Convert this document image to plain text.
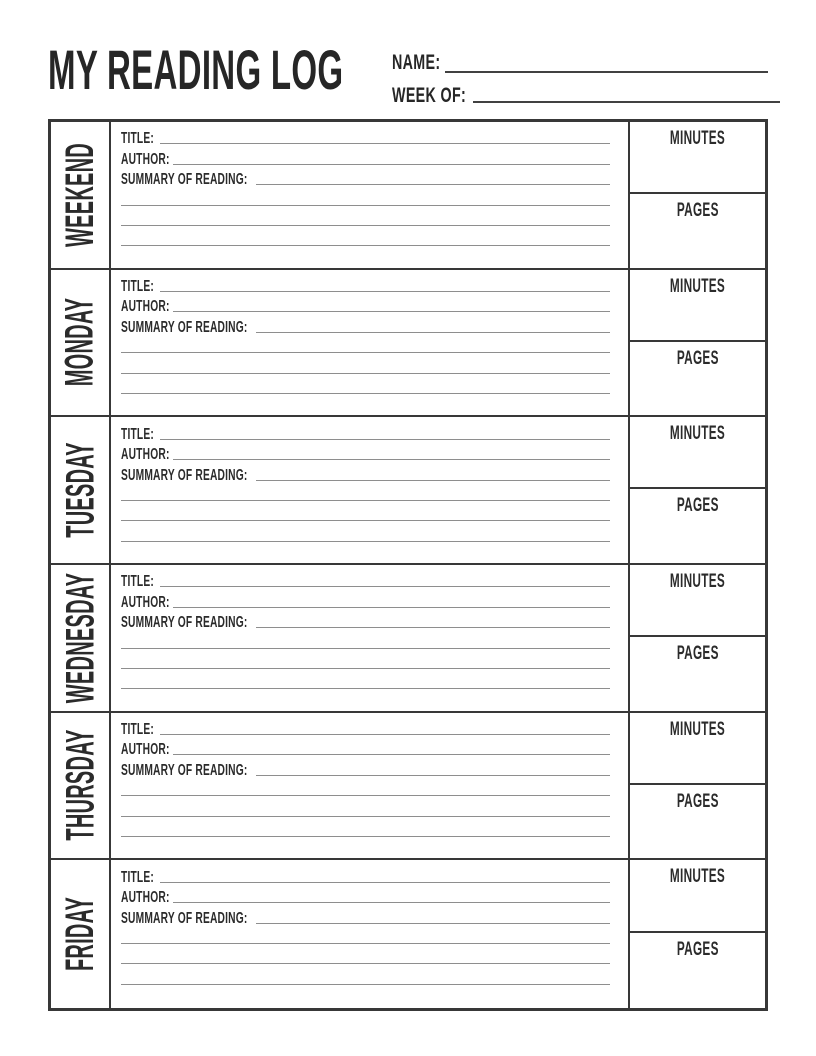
MY READING LOG NAME:
WEEK OF:
WEEKEND
TITLE:
AUTHOR:
SUMMARY OF READING:
MINUTES
PAGES
MONDAY
TITLE:
AUTHOR:
SUMMARY OF READING:
MINUTES
PAGES
TUESDAY
TITLE:
AUTHOR:
SUMMARY OF READING:
MINUTES
PAGES
WEDNESDAY TITLE:
AUTHOR:
SUMMARY OF READING:
MINUTES
PAGES
THURSDAY
TITLE:
AUTHOR:
SUMMARY OF READING:
MINUTES
PAGES
FRIDAY
TITLE:
AUTHOR:
SUMMARY OF READING:
MINUTES
PAGES
